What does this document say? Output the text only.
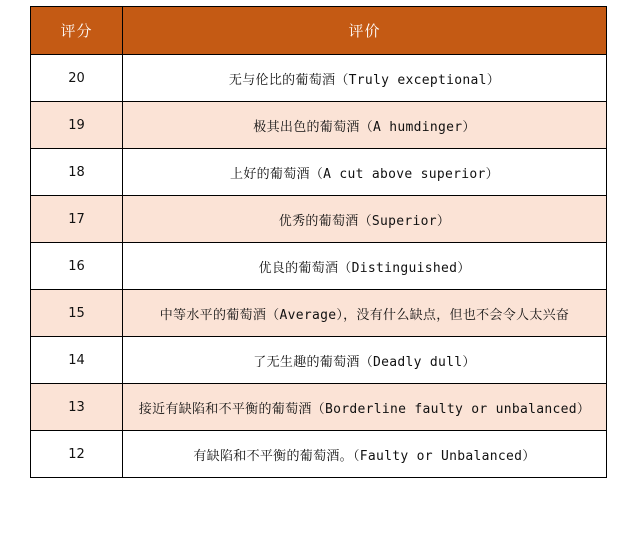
评分	评价
20	无与伦比的葡萄酒（Truly exceptional）
19	极其出色的葡萄酒（A humdinger）
18	上好的葡萄酒（A cut above superior）
17	优秀的葡萄酒（Superior）
16	优良的葡萄酒（Distinguished）
15	中等水平的葡萄酒（Average），没有什么缺点，但也不会令人太兴奋
14	了无生趣的葡萄酒（Deadly dull）
13	接近有缺陷和不平衡的葡萄酒（Borderline faulty or unbalanced）
12	有缺陷和不平衡的葡萄酒。（Faulty or Unbalanced）
